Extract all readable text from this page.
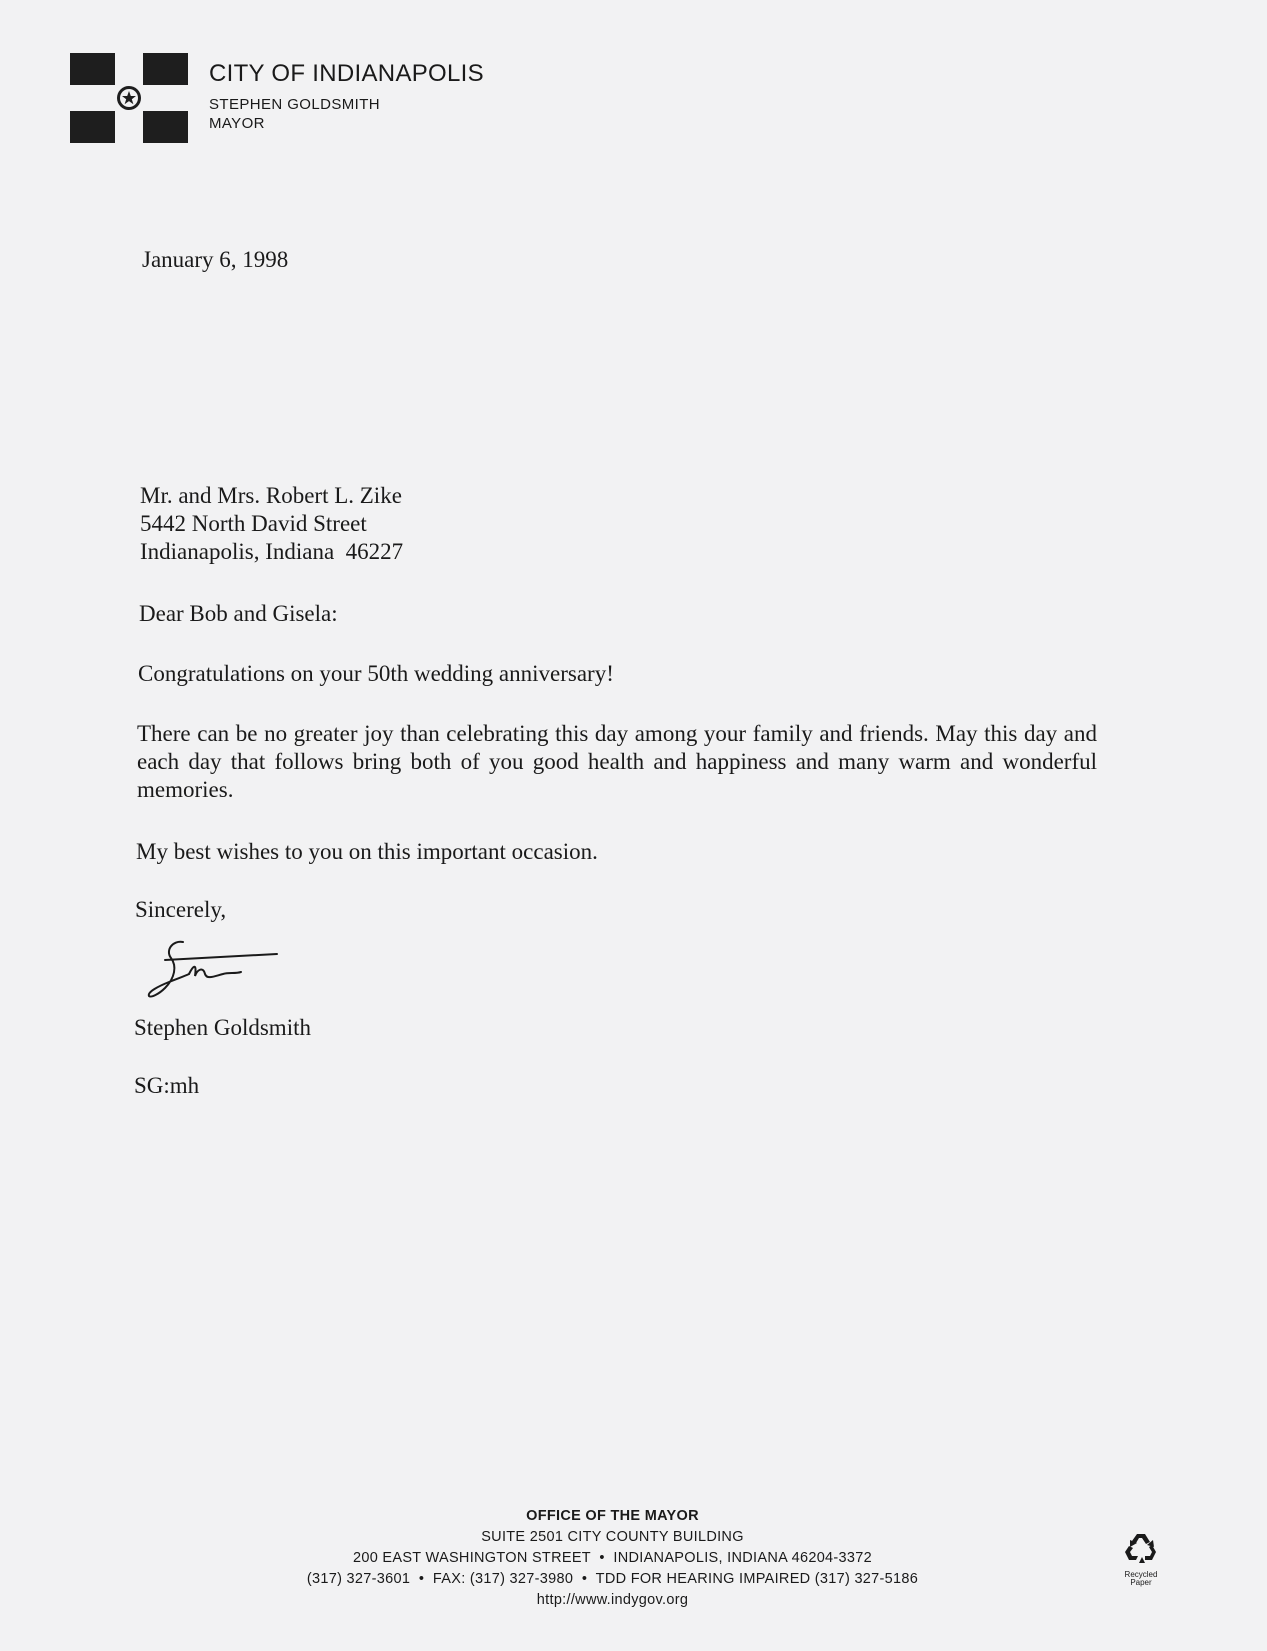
CITY OF INDIANAPOLIS
STEPHEN GOLDSMITH
MAYOR
January 6, 1998
Mr. and Mrs. Robert L. Zike
5442 North David Street
Indianapolis, Indiana  46227
Dear Bob and Gisela:
Congratulations on your 50th wedding anniversary!
There can be no greater joy than celebrating this day among your family and friends. May this day and each day that follows bring both of you good health and happiness and many warm and wonderful memories.
My best wishes to you on this important occasion.
Sincerely,
Stephen Goldsmith
SG:mh
OFFICE OF THE MAYOR
SUITE 2501 CITY COUNTY BUILDING
200 EAST WASHINGTON STREET  •  INDIANAPOLIS, INDIANA 46204-3372
(317) 327-3601  •  FAX: (317) 327-3980  •  TDD FOR HEARING IMPAIRED (317) 327-5186
http://www.indygov.org
Recycled
Paper
